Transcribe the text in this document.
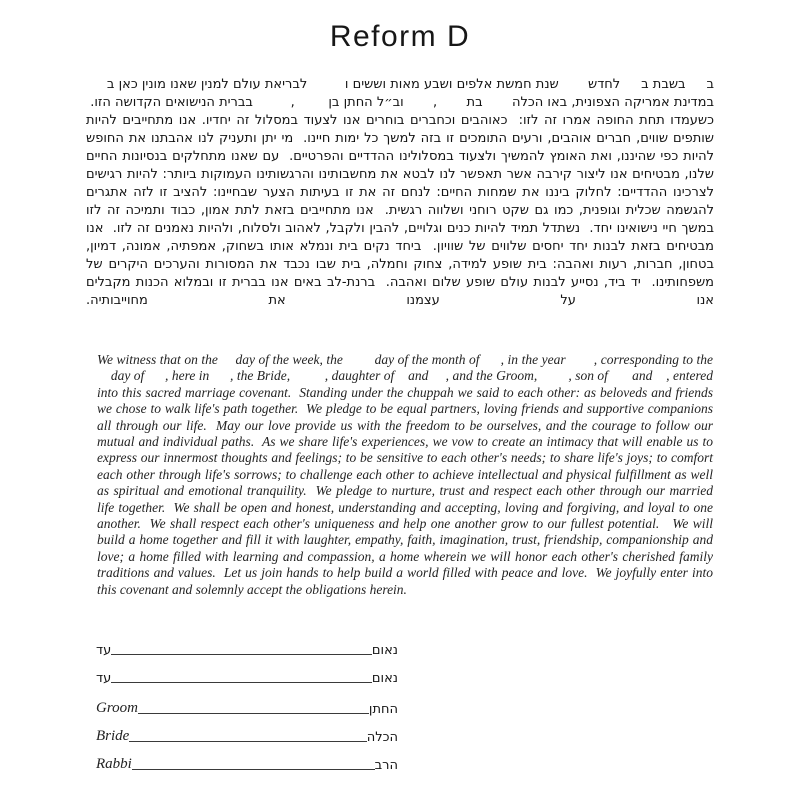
Reform D
ב     בשבת ב     לחדש       שנת חמשת אלפים ושבע מאות וששים ו         לבריאת עולם למנין שאנו מונין כאן ב      במדינת אמריקה הצפונית, באו הכלה       בת       ,       וב״ל החתן בן        ,         בברית הנישואים הקדושה הזו.  כשעמדו תחת החופה אמרו זה לזו:  כאוהבים וכחברים בוחרים אנו לצעוד במסלול זה יחדיו. אנו מתחייבים להיות שותפים שווים, חברים אוהבים, ורעים התומכים זו בזה למשך כל ימות חיינו.  מי יתן ותעניק לנו אהבתנו את החופש להיות כפי שהיננו, ואת האומץ להמשיך ולצעוד במסלולינו ההדדיים והפרטיים.  עם שאנו מתחלקים בנסיונות החיים שלנו, מבטיחים אנו ליצור קירבה אשר תאפשר לנו לבטא את מחשבותינו והרגשותינו העמוקות ביותר: להיות רגישים לצרכינו ההדדיים: לחלוק ביננו את שמחות החיים: לנחם זה את זו בעיתות הצער שבחיינו: להציב זו לזה אתגרים להגשמה שכלית וגופנית, כמו גם שקט רוחני ושלווה רגשית.  אנו מתחייבים בזאת לתת אמון, כבוד ותמיכה זה לזו במשך חיי נישואינו יחד.  נשתדל תמיד להיות כנים וגלויים, להבין ולקבל, לאהוב ולסלוח, ולהיות נאמנים זה לזו.  אנו מבטיחים בזאת לבנות יחד יחסים שלווים של שוויון.  ביחד נקים בית ונמלא אותו בשחוק, אמפתיה, אמונה, דמיון, בטחון, חברות, רעות ואהבה: בית שופע למידה, צחוק וחמלה, בית שבו נכבד את המסורות והערכים היקרים של משפחותינו.  יד ביד, נסייע לבנות עולם שופע שלום ואהבה.  ברנת-לב באים אנו בברית זו ובמלוא הכנות מקבלים אנו על עצמנו את מחוייבותיה.
We witness that on the     day of the week, the         day of the month of      , in the year        , corresponding to the     day of      , here in      , the Bride,          , daughter of    and     , and the Groom,         , son of       and    , entered into this sacred marriage covenant.  Standing under the chuppah we said to each other: as beloveds and friends we chose to walk life's path together.  We pledge to be equal partners, loving friends and supportive companions all through our life.  May our love provide us with the freedom to be ourselves, and the courage to follow our mutual and individual paths.  As we share life's experiences, we vow to create an intimacy that will enable us to express our innermost thoughts and feelings; to be sensitive to each other's needs; to share life's joys; to comfort each other through life's sorrows; to challenge each other to achieve intellectual and physical fulfillment as well as spiritual and emotional tranquility.  We pledge to nurture, trust and respect each other through our married life together.  We shall be open and honest, understanding and accepting, loving and forgiving, and loyal to one another.  We shall respect each other's uniqueness and help one another grow to our fullest potential.   We will build a home together and fill it with laughter, empathy, faith, imagination, trust, friendship, companionship and love; a home filled with learning and compassion, a home wherein we will honor each other's cherished family traditions and values.  Let us join hands to help build a world filled with peace and love.  We joyfully enter into this covenant and solemnly accept the obligations herein.
עד	נאום
עד	נאום
Groom	החתן
Bride	הכלה
Rabbi	הרב
